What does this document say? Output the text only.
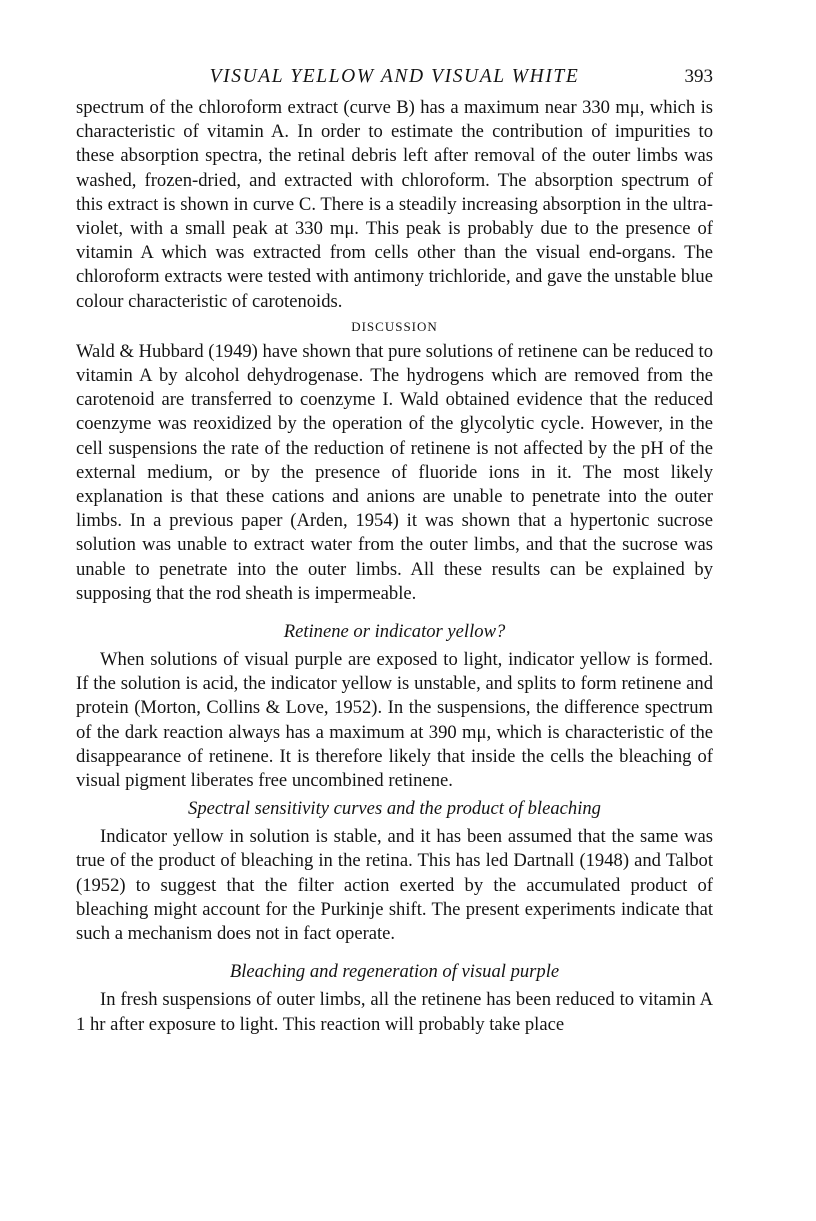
VISUAL YELLOW AND VISUAL WHITE	393

spectrum of the chloroform extract (curve B) has a maximum near 330 mμ, which is characteristic of vitamin A. In order to estimate the contribution of impurities to these absorption spectra, the retinal debris left after removal of the outer limbs was washed, frozen-dried, and extracted with chloroform. The absorption spectrum of this extract is shown in curve C. There is a steadily increasing absorption in the ultra-violet, with a small peak at 330 mμ. This peak is probably due to the presence of vitamin A which was extracted from cells other than the visual end-organs. The chloroform extracts were tested with antimony trichloride, and gave the unstable blue colour characteristic of carotenoids.

DISCUSSION

Wald & Hubbard (1949) have shown that pure solutions of retinene can be reduced to vitamin A by alcohol dehydrogenase. The hydrogens which are removed from the carotenoid are transferred to coenzyme I. Wald obtained evidence that the reduced coenzyme was reoxidized by the operation of the glycolytic cycle. However, in the cell suspensions the rate of the reduction of retinene is not affected by the pH of the external medium, or by the presence of fluoride ions in it. The most likely explanation is that these cations and anions are unable to penetrate into the outer limbs. In a previous paper (Arden, 1954) it was shown that a hypertonic sucrose solution was unable to extract water from the outer limbs, and that the sucrose was unable to penetrate into the outer limbs. All these results can be explained by supposing that the rod sheath is impermeable.

Retinene or indicator yellow?

When solutions of visual purple are exposed to light, indicator yellow is formed. If the solution is acid, the indicator yellow is unstable, and splits to form retinene and protein (Morton, Collins & Love, 1952). In the suspensions, the difference spectrum of the dark reaction always has a maximum at 390 mμ, which is characteristic of the disappearance of retinene. It is therefore likely that inside the cells the bleaching of visual pigment liberates free uncombined retinene.

Spectral sensitivity curves and the product of bleaching

Indicator yellow in solution is stable, and it has been assumed that the same was true of the product of bleaching in the retina. This has led Dartnall (1948) and Talbot (1952) to suggest that the filter action exerted by the accumulated product of bleaching might account for the Purkinje shift. The present experiments indicate that such a mechanism does not in fact operate.

Bleaching and regeneration of visual purple

In fresh suspensions of outer limbs, all the retinene has been reduced to vitamin A 1 hr after exposure to light. This reaction will probably take place
